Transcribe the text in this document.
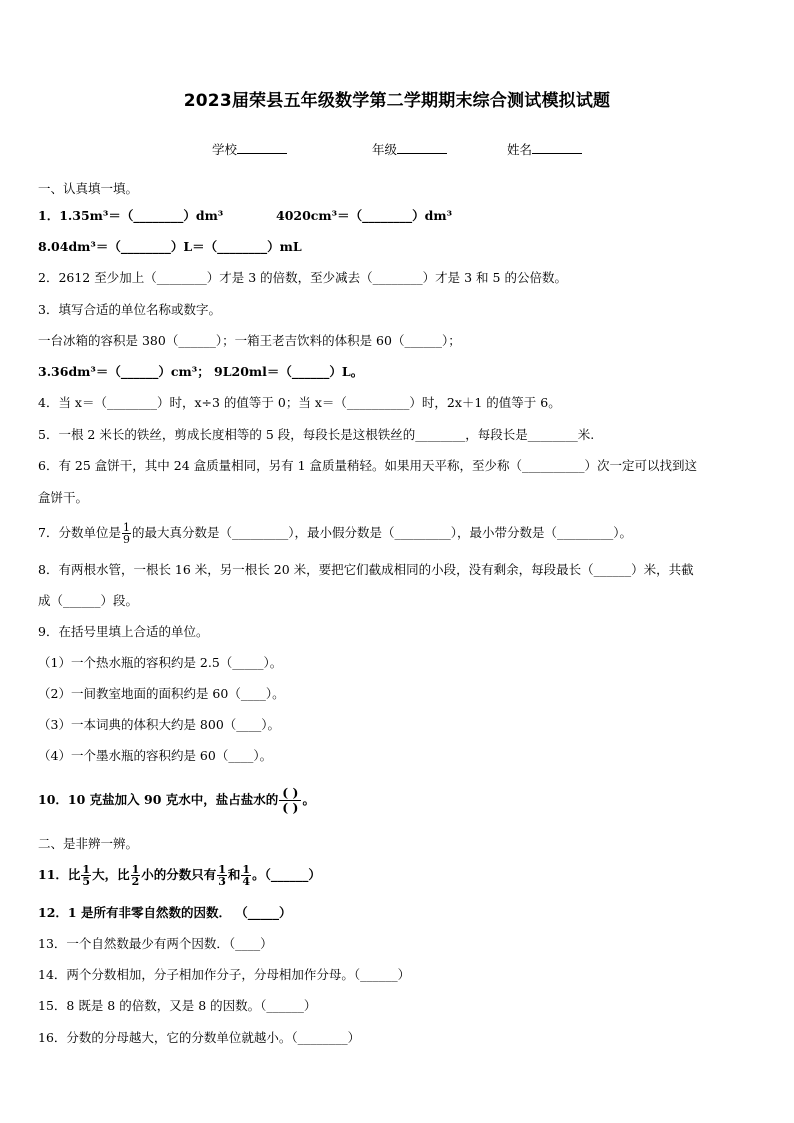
2023届荣县五年级数学第二学期期末综合测试模拟试题
学校	年级	姓名
一、认真填一填。
1．1.35m³＝（________）dm³	4020cm³＝（________）dm³
8.04dm³＝（________）L＝（________）mL
2．2612 至少加上（________）才是 3 的倍数，至少减去（________）才是 3 和 5 的公倍数。
3．填写合适的单位名称或数字。
一台冰箱的容积是 380（______）；一箱王老吉饮料的体积是 60（______）；
3.36dm³＝（______）cm³； 9L20ml＝（______）L。
4．当 x＝（________）时，x÷3 的值等于 0；当 x＝（__________）时，2x＋1 的值等于 6。
5．一根 2 米长的铁丝，剪成长度相等的 5 段，每段长是这根铁丝的________，每段长是________米.
6．有 25 盒饼干，其中 24 盒质量相同，另有 1 盒质量稍轻。如果用天平称，至少称（__________）次一定可以找到这
盒饼干。
7．分数单位是 $\frac{1}{9}$ 的最大真分数是（_________），最小假分数是（_________），最小带分数是（_________）。
8．有两根水管，一根长 16 米，另一根长 20 米，要把它们截成相同的小段，没有剩余，每段最长（______）米，共截
成（______）段。
9．在括号里填上合适的单位。
（1）一个热水瓶的容积约是 2.5（_____）。
（2）一间教室地面的面积约是 60（____）。
（3）一本词典的体积大约是 800（____）。
（4）一个墨水瓶的容积约是 60（____）。
10．10 克盐加入 90 克水中，盐占盐水的 $\frac{( )}{( )}$ 。
二、是非辨一辨。
11．比 $\frac{1}{5}$ 大，比 $\frac{1}{2}$ 小的分数只有 $\frac{1}{3}$ 和 $\frac{1}{4}$ 。（______）
12．1 是所有非零自然数的因数． （_____）
13．一个自然数最少有两个因数．（____）
14．两个分数相加，分子相加作分子，分母相加作分母。（______）
15．8 既是 8 的倍数，又是 8 的因数。（______）
16．分数的分母越大，它的分数单位就越小。（________）
